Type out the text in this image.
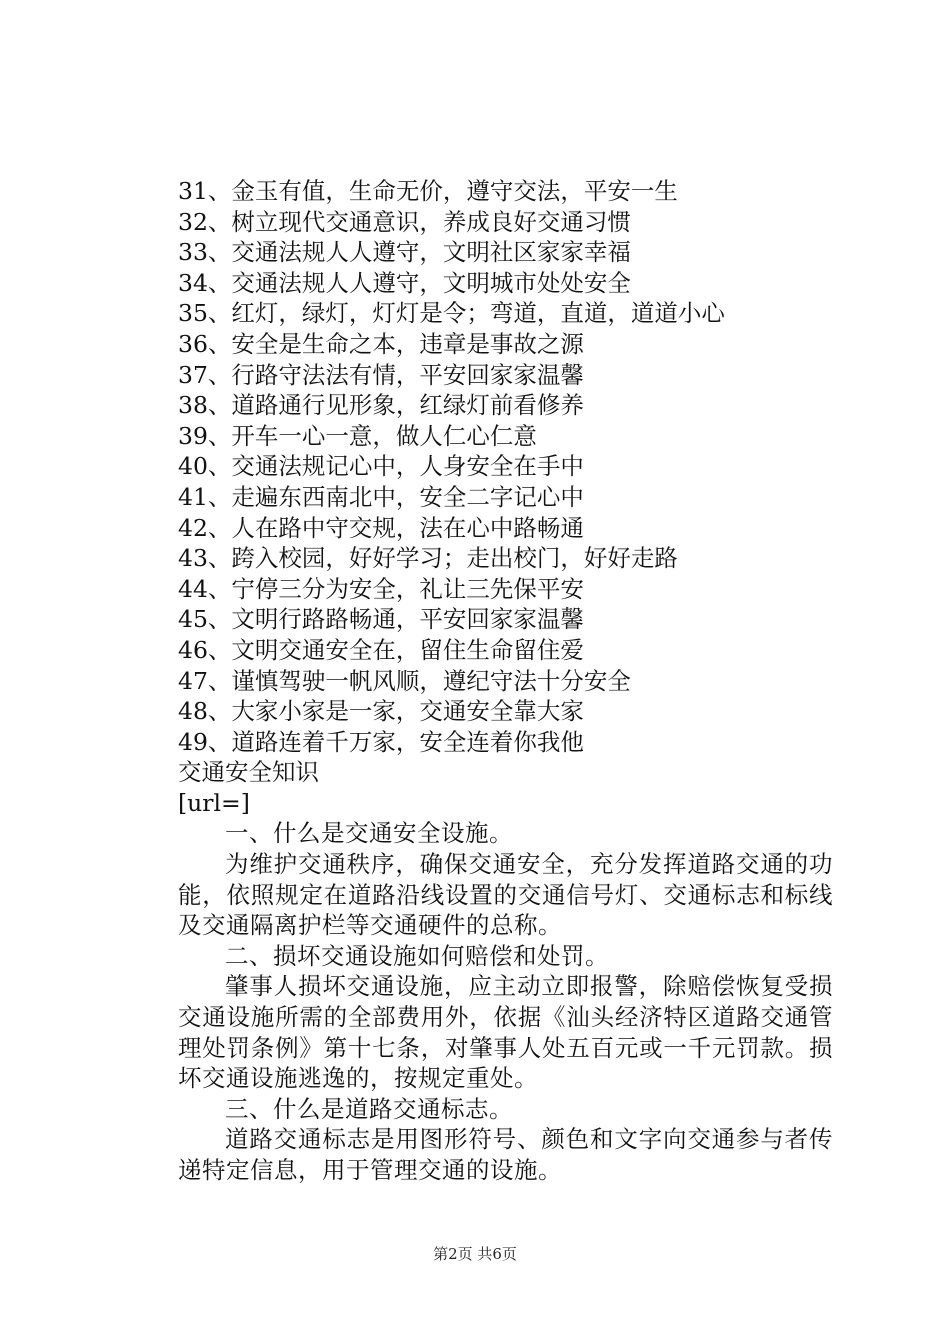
31、金玉有值，生命无价，遵守交法，平安一生
32、树立现代交通意识，养成良好交通习惯
33、交通法规人人遵守，文明社区家家幸福
34、交通法规人人遵守，文明城市处处安全
35、红灯，绿灯，灯灯是令；弯道，直道，道道小心
36、安全是生命之本，违章是事故之源
37、行路守法法有情，平安回家家温馨
38、道路通行见形象，红绿灯前看修养
39、开车一心一意，做人仁心仁意
40、交通法规记心中，人身安全在手中
41、走遍东西南北中，安全二字记心中
42、人在路中守交规，法在心中路畅通
43、跨入校园，好好学习；走出校门，好好走路
44、宁停三分为安全，礼让三先保平安
45、文明行路路畅通，平安回家家温馨
46、文明交通安全在，留住生命留住爱
47、谨慎驾驶一帆风顺，遵纪守法十分安全
48、大家小家是一家，交通安全靠大家
49、道路连着千万家，安全连着你我他
交通安全知识
[url=]

一、什么是交通安全设施。

为维护交通秩序，确保交通安全，充分发挥道路交通的功能，依照规定在道路沿线设置的交通信号灯、交通标志和标线及交通隔离护栏等交通硬件的总称。

二、损坏交通设施如何赔偿和处罚。

肇事人损坏交通设施，应主动立即报警，除赔偿恢复受损交通设施所需的全部费用外，依据《汕头经济特区道路交通管理处罚条例》第十七条，对肇事人处五百元或一千元罚款。损坏交通设施逃逸的，按规定重处。

三、什么是道路交通标志。

道路交通标志是用图形符号、颜色和文字向交通参与者传递特定信息，用于管理交通的设施。

第2页 共6页
